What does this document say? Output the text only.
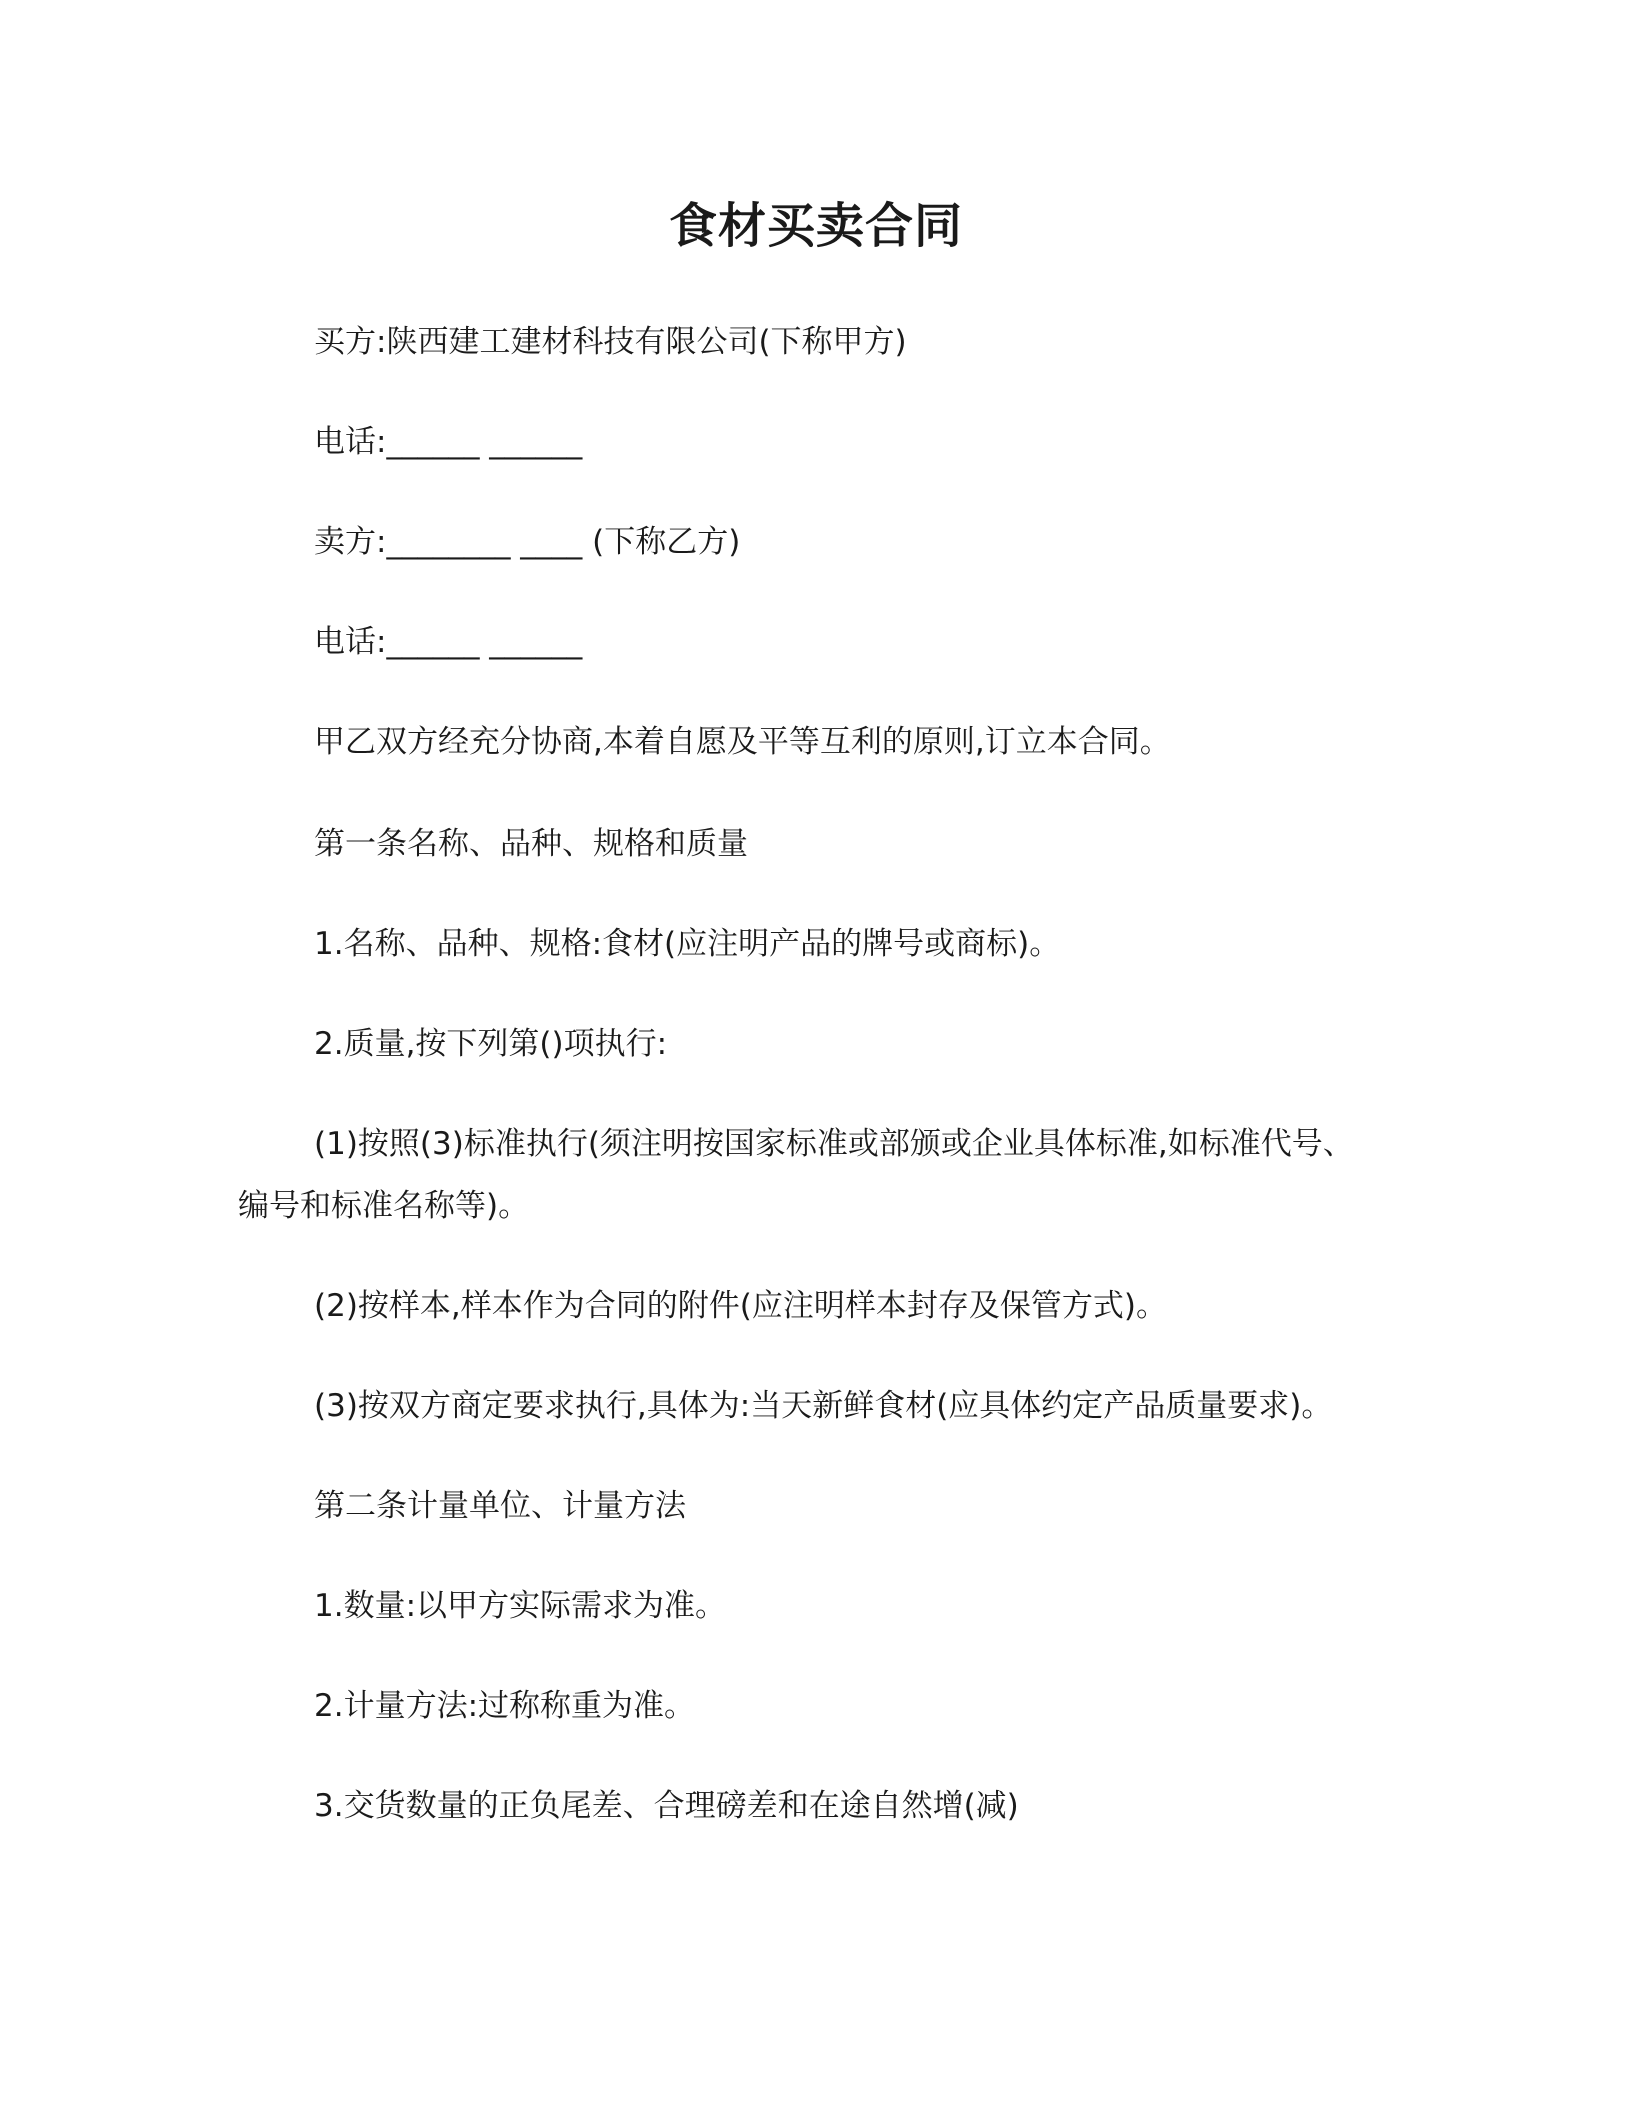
食材买卖合同
买方:陕西建工建材科技有限公司(下称甲方)
电话:______ ______
卖方:________ ____ (下称乙方)
电话:______ ______
甲乙双方经充分协商,本着自愿及平等互利的原则,订立本合同。
第一条名称、品种、规格和质量
1.名称、品种、规格:食材(应注明产品的牌号或商标)。
2.质量,按下列第()项执行:
(1)按照(3)标准执行(须注明按国家标准或部颁或企业具体标准,如标准代号、
编号和标准名称等)。
(2)按样本,样本作为合同的附件(应注明样本封存及保管方式)。
(3)按双方商定要求执行,具体为:当天新鲜食材(应具体约定产品质量要求)。
第二条计量单位、计量方法
1.数量:以甲方实际需求为准。
2.计量方法:过称称重为准。
3.交货数量的正负尾差、合理磅差和在途自然增(减)
